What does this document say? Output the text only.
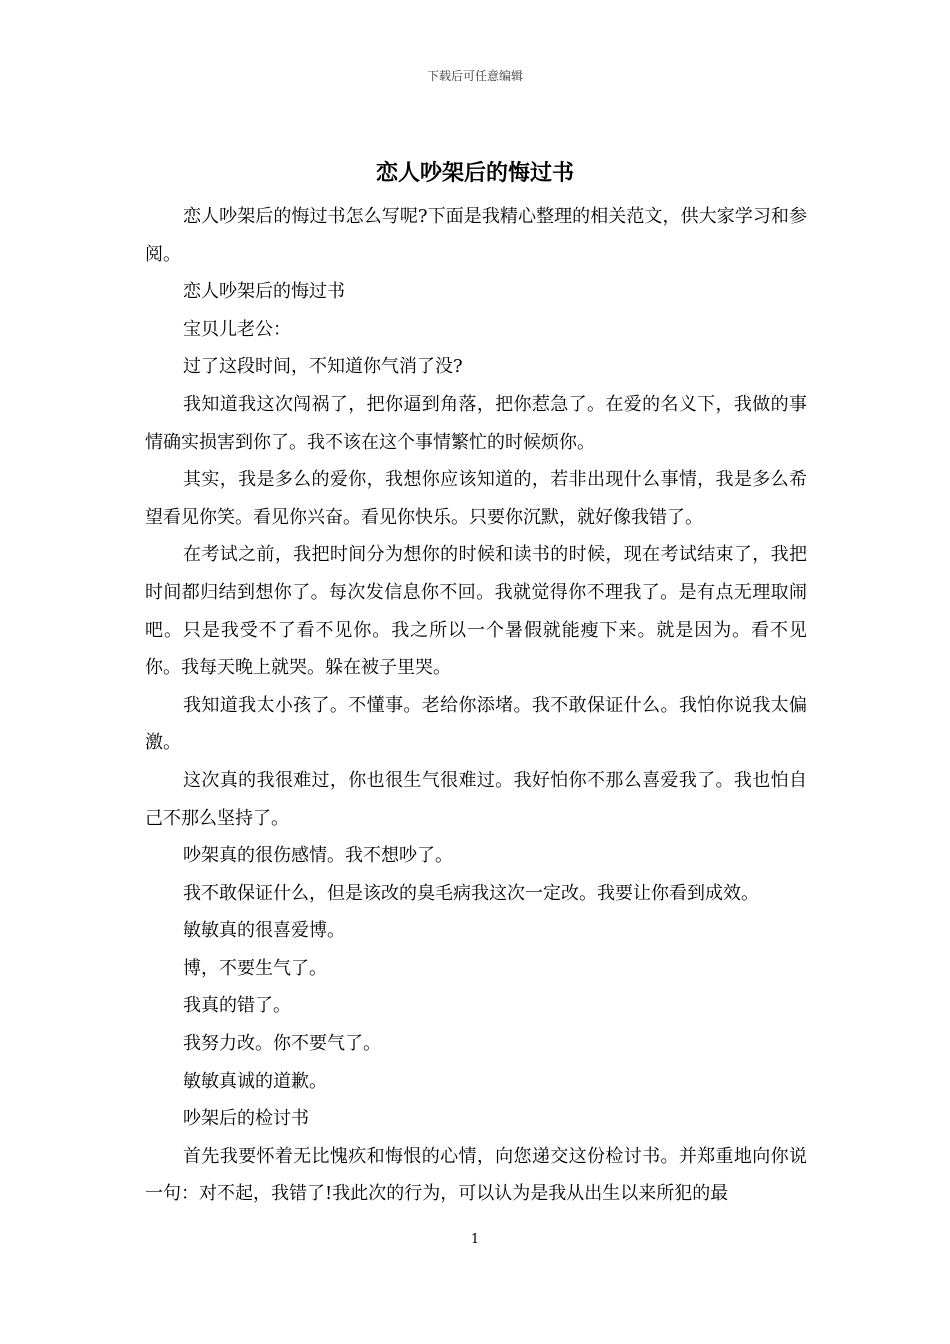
下载后可任意编辑
恋人吵架后的悔过书

恋人吵架后的悔过书怎么写呢?下面是我精心整理的相关范文，供大家学习和参阅。

恋人吵架后的悔过书

宝贝儿老公：

过了这段时间，不知道你气消了没?

我知道我这次闯祸了，把你逼到角落，把你惹急了。在爱的名义下，我做的事情确实损害到你了。我不该在这个事情繁忙的时候烦你。

其实，我是多么的爱你，我想你应该知道的，若非出现什么事情，我是多么希望看见你笑。看见你兴奋。看见你快乐。只要你沉默，就好像我错了。

在考试之前，我把时间分为想你的时候和读书的时候，现在考试结束了，我把时间都归结到想你了。每次发信息你不回。我就觉得你不理我了。是有点无理取闹吧。只是我受不了看不见你。我之所以一个暑假就能瘦下来。就是因为。看不见你。我每天晚上就哭。躲在被子里哭。

我知道我太小孩了。不懂事。老给你添堵。我不敢保证什么。我怕你说我太偏激。

这次真的我很难过，你也很生气很难过。我好怕你不那么喜爱我了。我也怕自己不那么坚持了。

吵架真的很伤感情。我不想吵了。

我不敢保证什么，但是该改的臭毛病我这次一定改。我要让你看到成效。

敏敏真的很喜爱博。

博，不要生气了。

我真的错了。

我努力改。你不要气了。

敏敏真诚的道歉。

吵架后的检讨书

首先我要怀着无比愧疚和悔恨的心情，向您递交这份检讨书。并郑重地向你说一句：对不起，我错了!我此次的行为，可以认为是我从出生以来所犯的最

1
